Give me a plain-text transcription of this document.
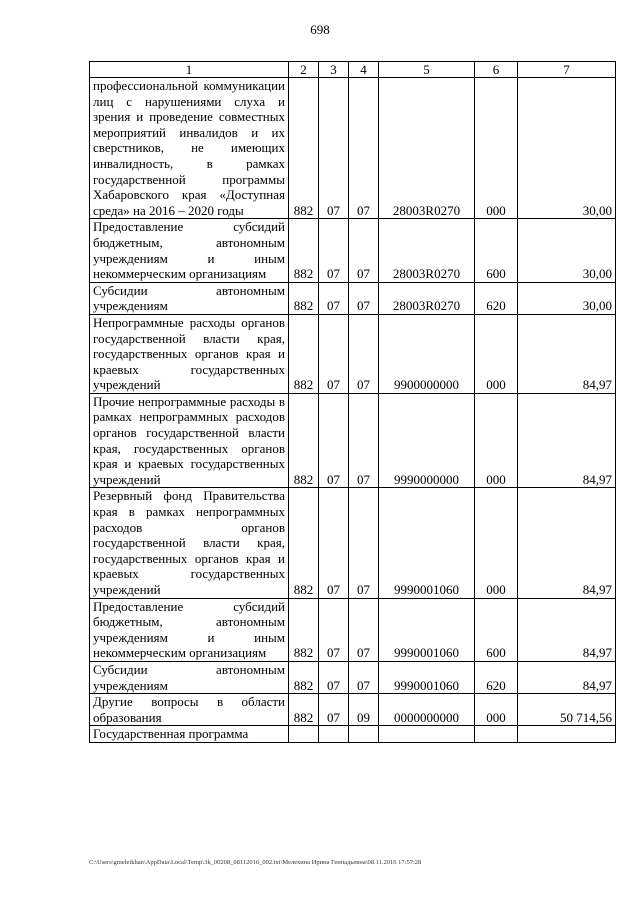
698
1	2	3	4	5	6	7
профессиональной коммуникации лиц с нарушениями слуха и зрения и проведение совместных мероприятий инвалидов и их сверстников, не имеющих инвалидность, в рамках государственной программы Хабаровского края «Доступная среда» на 2016 – 2020 годы	882	07	07	28003R0270	000	30,00
Предоставление субсидий бюджетным, автономным учреждениям и иным некоммерческим организациям	882	07	07	28003R0270	600	30,00
Субсидии автономным учреждениям	882	07	07	28003R0270	620	30,00
Непрограммные расходы органов государственной власти края, государственных органов края и краевых государственных учреждений	882	07	07	9900000000	000	84,97
Прочие непрограммные расходы в рамках непрограммных расходов органов государственной власти края, государственных органов края и краевых государственных учреждений	882	07	07	9990000000	000	84,97
Резервный фонд Правительства края в рамках непрограммных расходов органов государственной власти края, государственных органов края и краевых государственных учреждений	882	07	07	9990001060	000	84,97
Предоставление субсидий бюджетным, автономным учреждениям и иным некоммерческим организациям	882	07	07	9990001060	600	84,97
Субсидии автономным учреждениям	882	07	07	9990001060	620	84,97
Другие вопросы в области образования	882	07	09	0000000000	000	50 714,56
Государственная программа						
C:\Users\gmeleikhan\AppData\Local\Temp\3k_00208_08112016_002.txt\Мелехина Ирина Геннадьевна\08.11.2016 17:57:28
